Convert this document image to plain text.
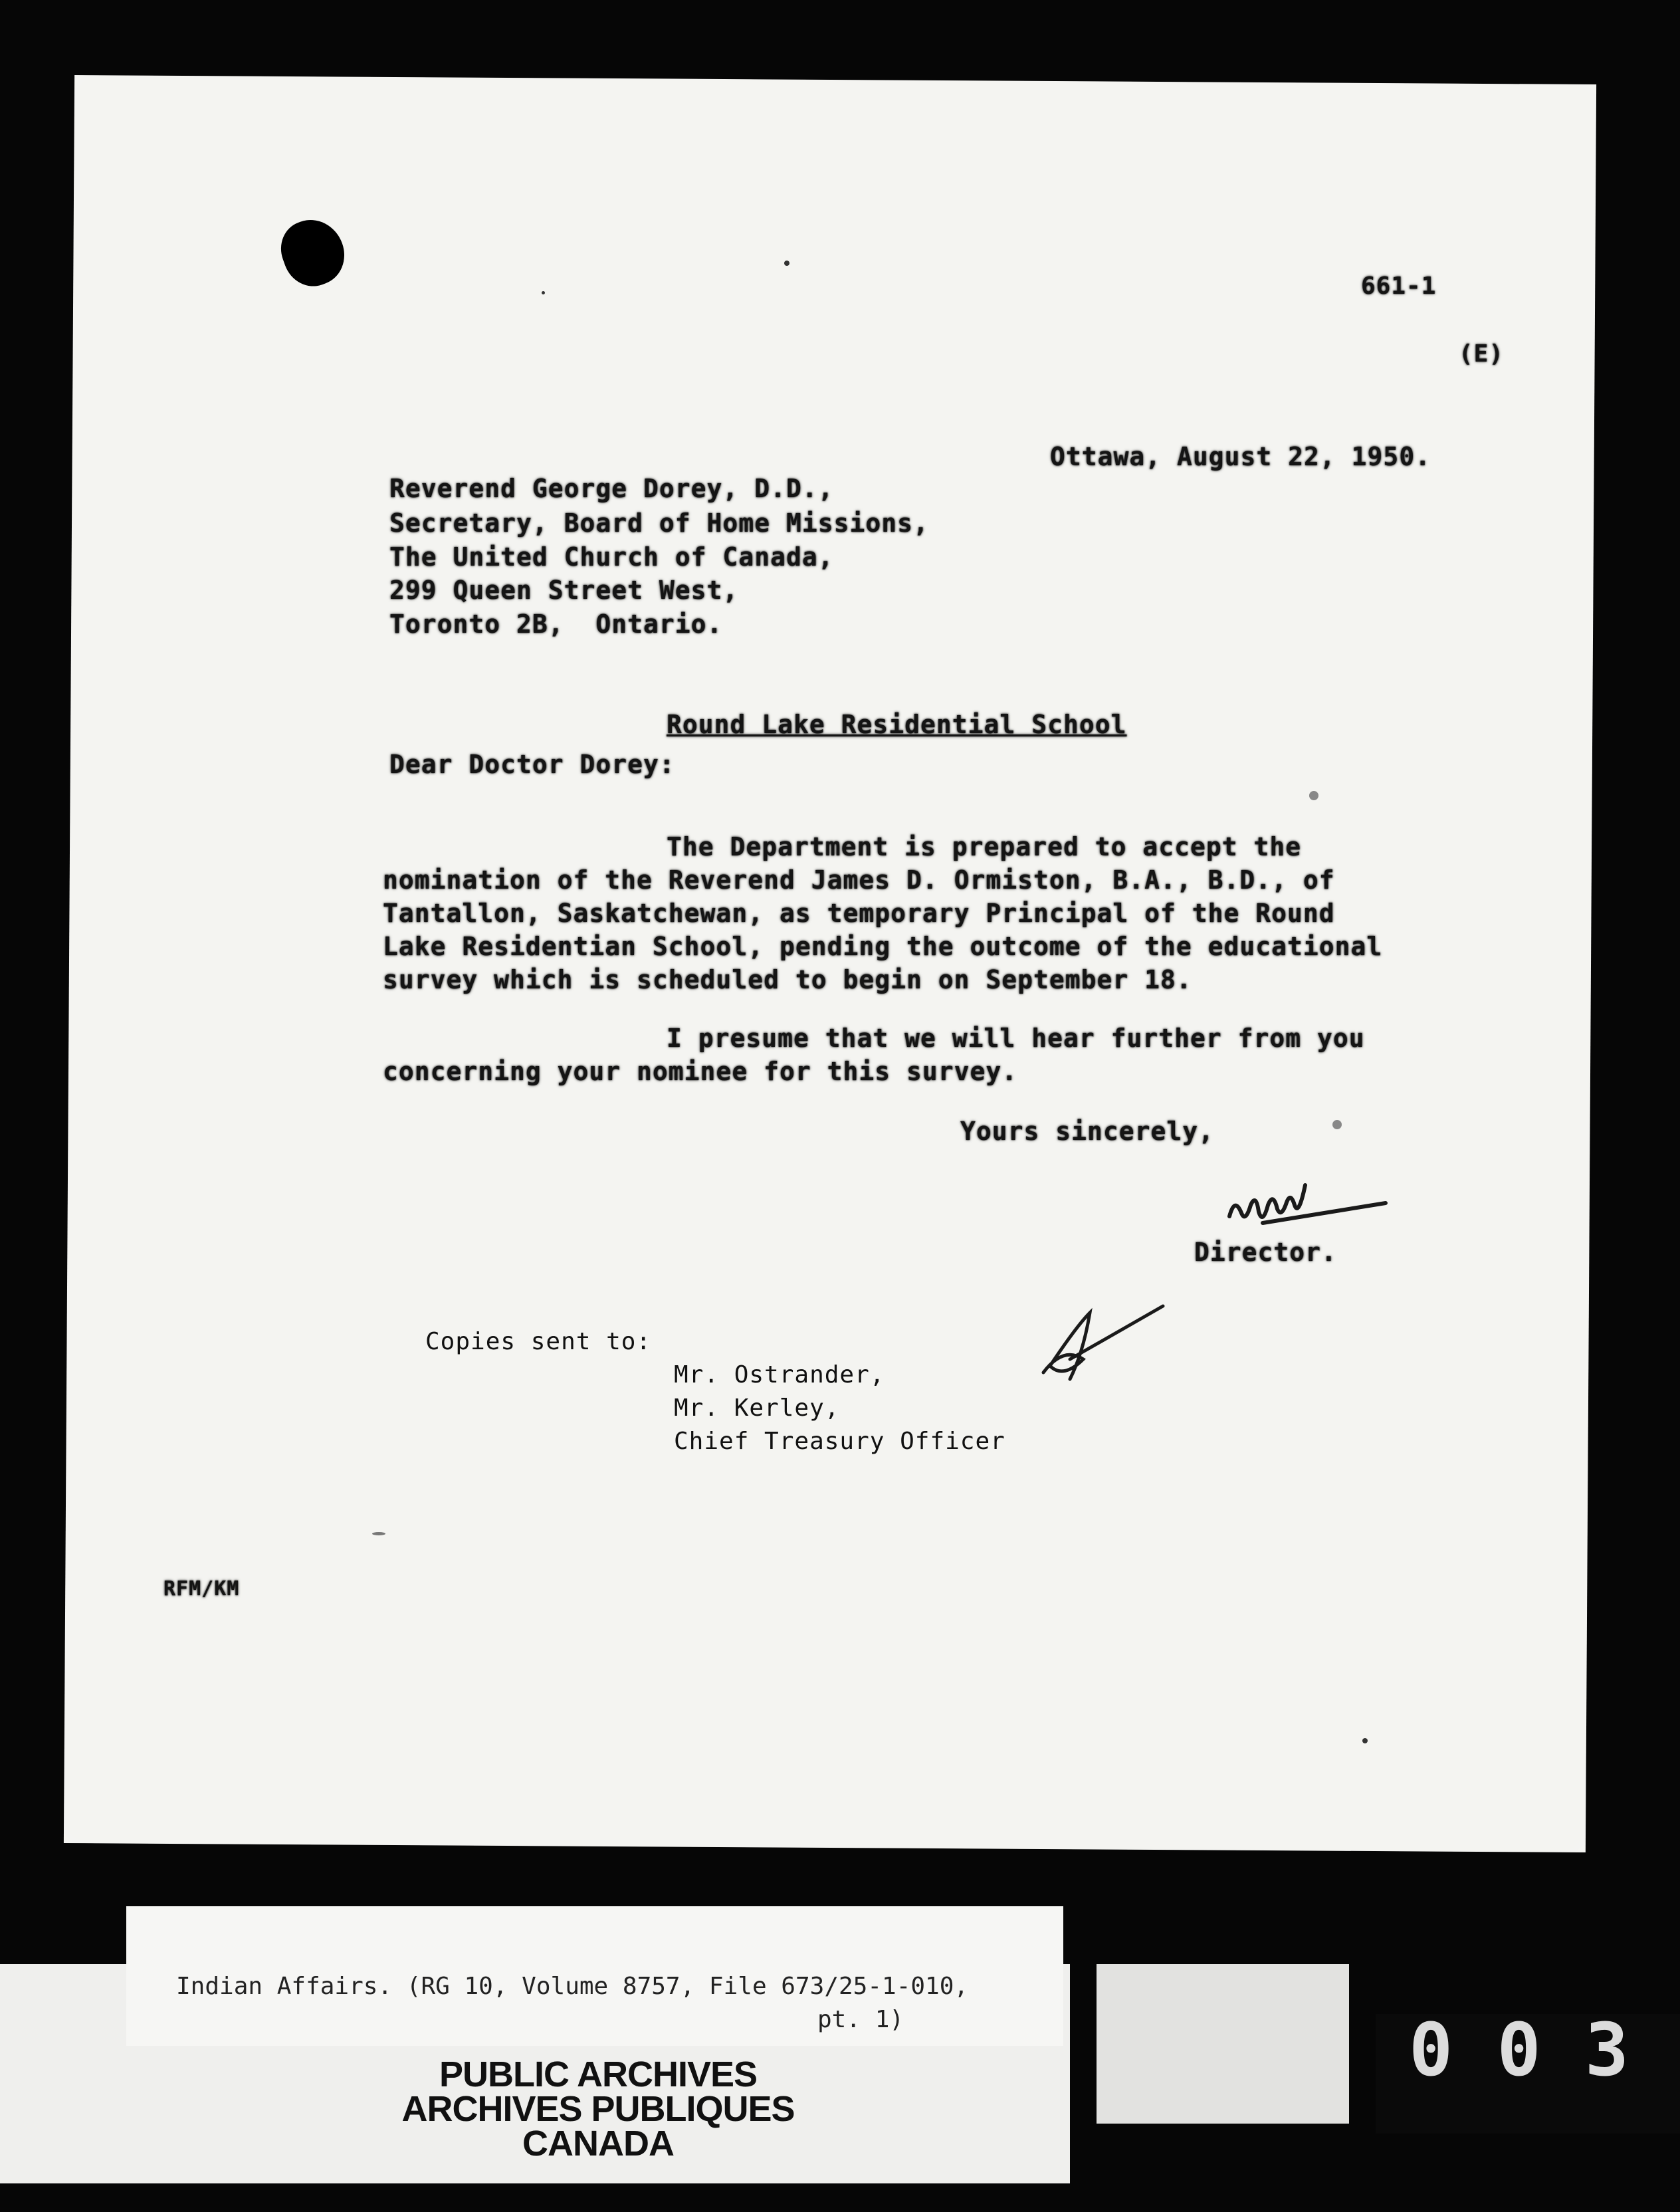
661-1
(E)
Ottawa, August 22, 1950.
Reverend George Dorey, D.D.,
Secretary, Board of Home Missions,
The United Church of Canada,
299 Queen Street West,
Toronto 2B,  Ontario.
Round Lake Residential School
Dear Doctor Dorey:
The Department is prepared to accept the
nomination of the Reverend James D. Ormiston, B.A., B.D., of
Tantallon, Saskatchewan, as temporary Principal of the Round
Lake Residentian School, pending the outcome of the educational
survey which is scheduled to begin on September 18.
I presume that we will hear further from you
concerning your nominee for this survey.
Yours sincerely,
Director.
Copies sent to:
Mr. Ostrander,
Mr. Kerley,
Chief Treasury Officer
RFM/KM
Indian Affairs. (RG 10, Volume 8757, File 673/25-1-010,
pt. 1)
PUBLIC ARCHIVES
ARCHIVES PUBLIQUES
CANADA
0 0 3
